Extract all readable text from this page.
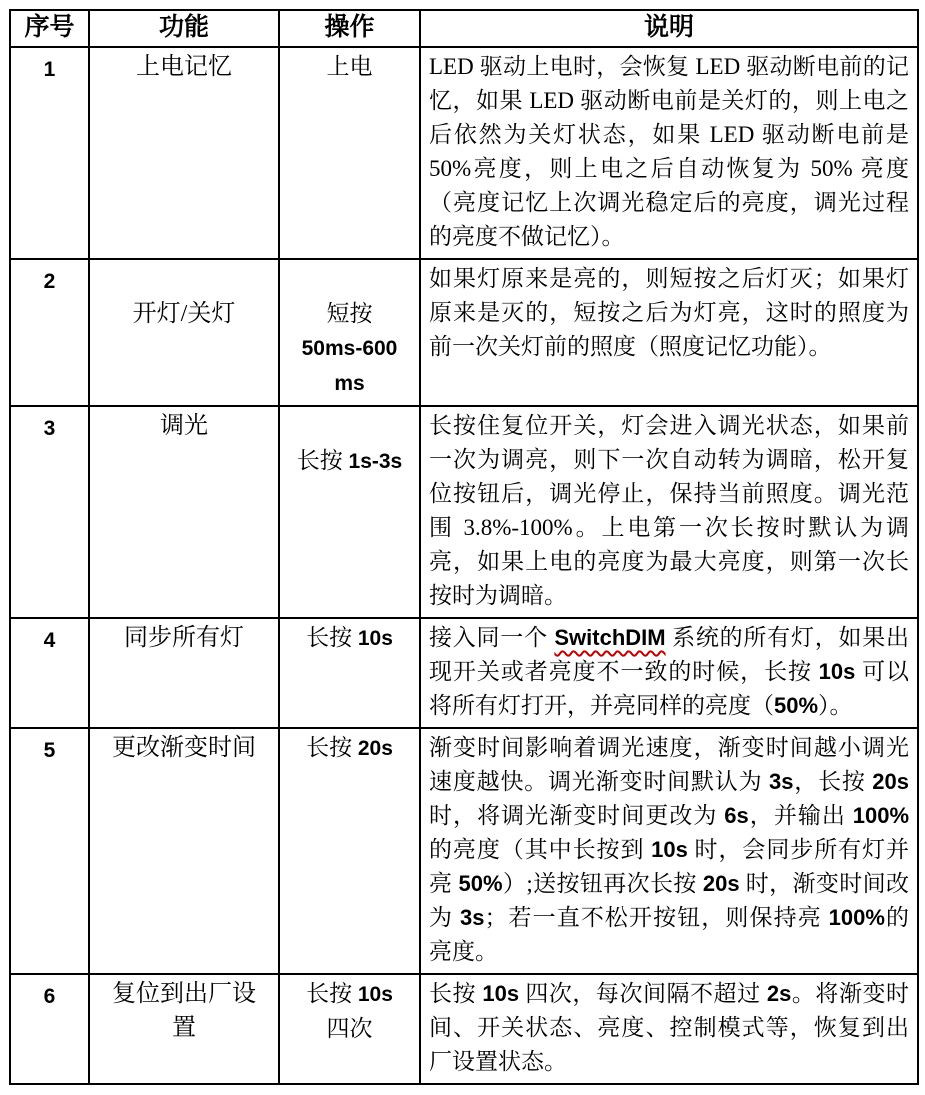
序号	功能	操作	说明
1	上电记忆	上电	LED 驱动上电时，会恢复 LED 驱动断电前的记忆，如果 LED 驱动断电前是关灯的，则上电之后依然为关灯状态，如果 LED 驱动断电前是 50%亮度，则上电之后自动恢复为 50% 亮度（亮度记忆上次调光稳定后的亮度，调光过程的亮度不做记忆）。
2	开灯/关灯	短按
50ms-600
ms	如果灯原来是亮的，则短按之后灯灭；如果灯原来是灭的，短按之后为灯亮，这时的照度为前一次关灯前的照度（照度记忆功能）。
3	调光	长按 1s-3s	长按住复位开关，灯会进入调光状态，如果前一次为调亮，则下一次自动转为调暗，松开复位按钮后，调光停止，保持当前照度。调光范围 3.8%-100%。上电第一次长按时默认为调亮，如果上电的亮度为最大亮度，则第一次长按时为调暗。
4	同步所有灯	长按 10s	接入同一个 SwitchDIM 系统的所有灯，如果出现开关或者亮度不一致的时候，长按 10s 可以将所有灯打开，并亮同样的亮度（50%）。
5	更改渐变时间	长按 20s	渐变时间影响着调光速度，渐变时间越小调光速度越快。调光渐变时间默认为 3s，长按 20s 时，将调光渐变时间更改为 6s，并输出 100%的亮度（其中长按到 10s 时，会同步所有灯并亮 50%）;送按钮再次长按 20s 时，渐变时间改为 3s；若一直不松开按钮，则保持亮 100%的亮度。
6	复位到出厂设置	长按 10s
四次	长按 10s 四次，每次间隔不超过 2s。将渐变时间、开关状态、亮度、控制模式等，恢复到出厂设置状态。
